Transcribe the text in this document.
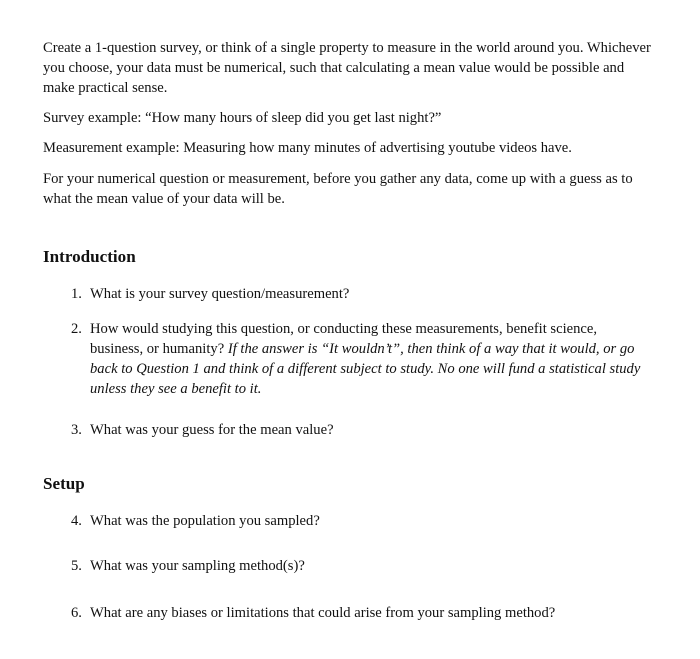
Create a 1-question survey, or think of a single property to measure in the world around you. Whichever you choose, your data must be numerical, such that calculating a mean value would be possible and make practical sense.

Survey example: “How many hours of sleep did you get last night?”

Measurement example: Measuring how many minutes of advertising youtube videos have.

For your numerical question or measurement, before you gather any data, come up with a guess as to what the mean value of your data will be.

Introduction
1. What is your survey question/measurement?
2. How would studying this question, or conducting these measurements, benefit science, business, or humanity? If the answer is “It wouldn’t”, then think of a way that it would, or go back to Question 1 and think of a different subject to study. No one will fund a statistical study unless they see a benefit to it.
3. What was your guess for the mean value?
Setup
4. What was the population you sampled?
5. What was your sampling method(s)?
6. What are any biases or limitations that could arise from your sampling method?
